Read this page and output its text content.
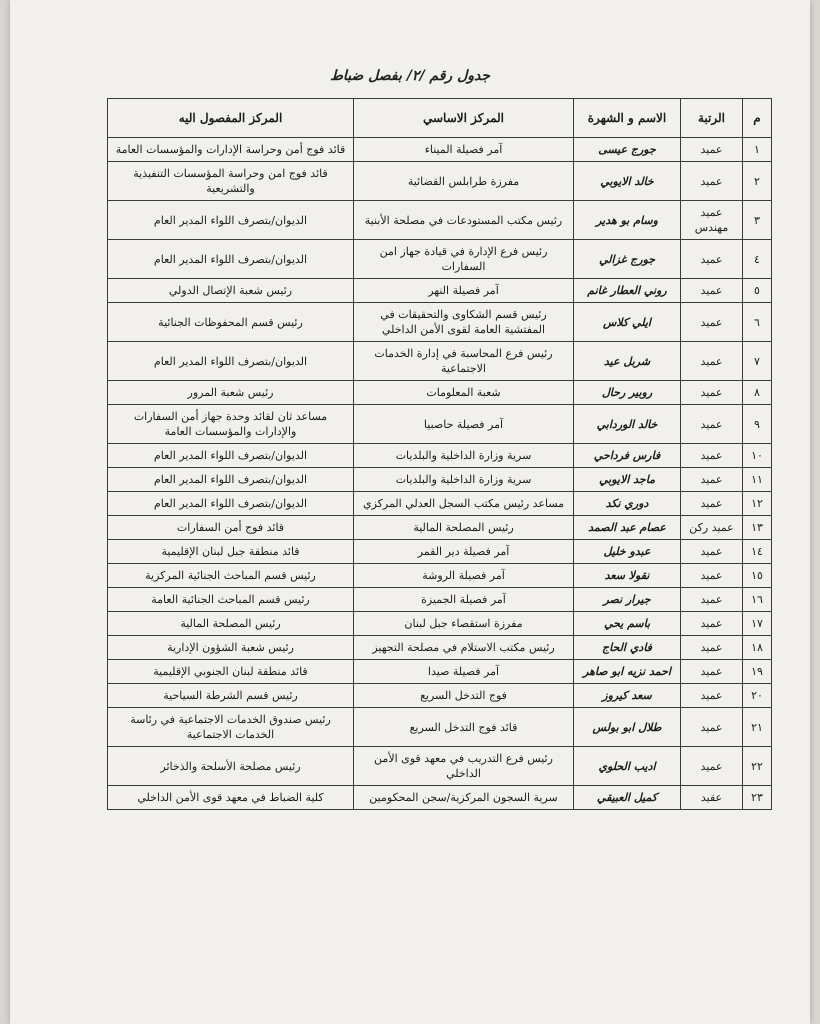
جدول رقم /٢/ بفصل ضباط
م	الرتبة	الاسم و الشهرة	المركز الاساسي	المركز المفصول اليه
١	عميد	جورج عيسى	آمر فصيلة الميناء	قائد فوج أمن وحراسة الإدارات والمؤسسات العامة
٢	عميد	خالد الايوبي	مفرزة طرابلس القضائية	قائد فوج امن وحراسة المؤسسات التنفيذية والتشريعية
٣	عميد مهندس	وسام بو هدير	رئيس مكتب المستودعات في مصلحة الأبنية	الديوان/بتصرف اللواء المدير العام
٤	عميد	جورج غزالي	رئيس فرع الإدارة في قيادة جهاز امن السفارات	الديوان/بتصرف اللواء المدير العام
٥	عميد	روني العطار غانم	آمر فصيلة النهر	رئيس شعبة الإتصال الدولي
٦	عميد	ايلي كلاس	رئيس قسم الشكاوى والتحقيقات في المفتشية العامة لقوى الأمن الداخلي	رئيس قسم المحفوظات الجنائية
٧	عميد	شربل عيد	رئيس فرع المحاسبة في إدارة الخدمات الاجتماعية	الديوان/بتصرف اللواء المدير العام
٨	عميد	روبير رحال	شعبة المعلومات	رئيس شعبة المرور
٩	عميد	خالد الوردابي	آمر فصيلة حاصبيا	مساعد ثان لقائد وحدة جهاز أمن السفارات والإدارات والمؤسسات العامة
١٠	عميد	فارس فرداحي	سرية وزارة الداخلية والبلديات	الديوان/بتصرف اللواء المدير العام
١١	عميد	ماجد الايوبي	سرية وزارة الداخلية والبلديات	الديوان/بتصرف اللواء المدير العام
١٢	عميد	دوري نكد	مساعد رئيس مكتب السجل العدلي المركزي	الديوان/بتصرف اللواء المدير العام
١٣	عميد ركن	عصام عبد الصمد	رئيس المصلحة المالية	قائد فوج أمن السفارات
١٤	عميد	عبدو خليل	آمر فصيلة دير القمر	قائد منطقة جبل لبنان الإقليمية
١٥	عميد	نقولا سعد	آمر فصيلة الروشة	رئيس قسم المباحث الجنائية المركزية
١٦	عميد	جيرار نصر	آمر فصيلة الجميزة	رئيس قسم المباحث الجنائية العامة
١٧	عميد	باسم يحي	مفرزة استقصاء جبل لبنان	رئيس المصلحة المالية
١٨	عميد	فادي الحاج	رئيس مكتب الاستلام في مصلحة التجهيز	رئيس شعبة الشؤون الإدارية
١٩	عميد	احمد نزيه ابو صاهر	آمر فصيلة صيدا	قائد منطقة لبنان الجنوبي الإقليمية
٢٠	عميد	سعد كيروز	فوج التدخل السريع	رئيس قسم الشرطة السياحية
٢١	عميد	طلال ابو بولس	قائد فوج التدخل السريع	رئيس صندوق الخدمات الاجتماعية في رئاسة الخدمات الاجتماعية
٢٢	عميد	اديب الحلوي	رئيس فرع التدريب في معهد قوى الأمن الداخلي	رئيس مصلحة الأسلحة والذخائر
٢٣	عقيد	كميل العبيقي	سرية السجون المركزية/سجن المحكومين	كلية الضباط في معهد قوى الأمن الداخلي
